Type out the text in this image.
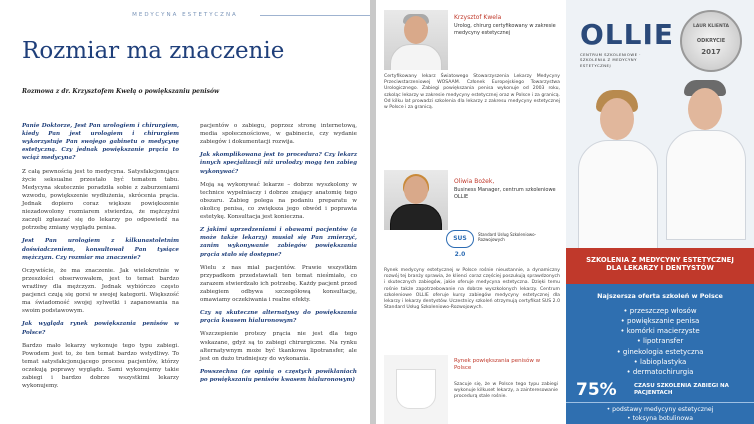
MEDYCYNA ESTETYCZNA
Rozmiar ma znaczenie
Rozmowa z dr. Krzysztofem Kwełą o powiększaniu penisów

Panie Doktorze, Jest Pan urologiem i chirurgiem, kiedy Pan jest urologiem i chirurgiem wykorzystuje Pan swojego gabinetu o medycynę estetyczną. Czy jednak powiększanie prącia to wciąż medycyna?

Z całą pewnością jest to medycyna. Satysfakcjonujące życie seksualne przestało być tematem tabu. Medycyna skutecznie poradziła sobie z zaburzeniami wzwodu, powiększenie wydłużenia, skrócenia prącia. Jednak dopiero coraz większe powiększenie niezadowolony rozmiarem stwierdza, że mężczyźni zaczęli zgłaszać się do lekarzy po odpowiedź na potrzebę zmiany wyglądu penisa.

Jest Pan urologiem z kilkunastoletnim doświadczeniem, konsultował Pan tysiące mężczyzn. Czy rozmiar ma znaczenie?

Oczywiście, że ma znaczenie. Jak wielokrotnie w przeszłości obserwowałem, jest to temat bardzo wrażliwy dla mężczyzn. Jednak wybiórczo często pacjenci czują się gorsi w swojej kategorii. Większość ma świadomość swojej sylwetki i zapanowania na swoim podstawowym.

Jak wygląda rynek powiększania penisów w Polsce?

Bardzo mało lekarzy wykonuje tego typu zabiegi. Powodem jest to, że ten temat bardzo wstydliwy. To temat satysfakcjonującego procesu pacjentów, którzy oczekują poprawy wyglądu. Sami wykonujemy takie zabiegi i bardzo dobrze wszystkimi lekarzy wykonujemy.

pacjentów o zabiegu, poprzez stronę internetową, media społecznościowe, w gabinecie, czy wydanie zabiegów i dokumentacji rozwija.

Jak skomplikowana jest to procedura? Czy lekarz innych specjalizacji niż urolodzy mogą ten zabieg wykonywać?

Moją są wykonywać lekarze – dobrze wyszkolony w technice wypełniaczy i dobrze znający anatomię tego obszaru. Zabieg polega na podaniu preparatu w okolicę penisa, co zwiększa jego obwód i poprawia estetykę. Konsultacja jest konieczna.

Z jakimi uprzedzeniami i obawami pacjentów (a może także lekarzy) musiał się Pan zmierzyć, zanim wykonywanie zabiegów powiększania prącia stało się dostępne?

Wielu z nas miał pacjentów. Prawie wszystkim przypadkom przedstawiali ten temat nieśmiało, co zarazem stwierdzało ich potrzebę. Każdy pacjent przed zabiegiem odbywa szczegółową konsultację, omawiamy oczekiwania i realne efekty.

Czy są skuteczne alternatywy do powiększania prącia kwasem hialuronowym?

Wszczepienie protezy prącia nie jest dla tego wskazane, gdyż są to zabiegi chirurgiczne. Na rynku alternatywnym może być tkankowa lipotransfer, ale jest on dużo trudniejszy do wykonania.

Powszechna (ze opinią o częstych powikłaniach po powiększaniu penisów kwasem hialuronowym)

Krzysztof Kwela
Urolog, chirurg certyfikowany w zakresie medycyny estetycznej
Certyfikowany lekarz Światowego Stowarzyszenia Lekarzy Medycyny Przeciwstarzeniowej WOSAAM. Członek Europejskiego Towarzystwa Urologicznego. Zabiegi powiększania penisa wykonuje od 2003 roku, szkoląc lekarzy w zakresie medycyny estetycznej oraz w Polsce i za granicą. Od kilku lat prowadzi szkolenia dla lekarzy z zakresu medycyny estetycznej w Polsce i za granicą.
Oliwia Bożek,
Business Manager, centrum szkoleniowe OLLIE
SUS 2.0
Standard Usług Szkoleniowo-Rozwojowych
Rynek medycyny estetycznej w Polsce rośnie nieustannie, a dynamiczny rozwój tej branży sprawia, że klienci coraz częściej poszukują sprawdzonych i skutecznych zabiegów, jakie oferuje medycyna estetyczna. Dzięki temu rośnie także zapotrzebowanie na dobrze wyszkolonych lekarzy. Centrum szkoleniowe OLLIE oferuje kursy zabiegów medycyny estetycznej dla lekarzy i lekarzy dentystów. Uczestnicy szkoleń otrzymują certyfikat SUS 2.0 Standard Usług Szkoleniowo-Rozwojowych.
Rynek powiększania penisów w Polsce
Szacuje się, że w Polsce tego typu zabiegi wykonuje kilkuset lekarzy, a zainteresowanie procedurą stale rośnie.
OLLIE
CENTRUM SZKOLENIOWE · SZKOLENIA Z MEDYCYNY ESTETYCZNEJ
LAUR KLIENTA
ODKRYCIE
2017
SZKOLENIA Z MEDYCYNY ESTETYCZNEJ
DLA LEKARZY I DENTYSTÓW
Najszersza oferta szkoleń w Polsce
• przeszczep włosów
• powiększanie penisa
• komórki macierzyste
• lipotransfer
• ginekologia estetyczna
• labioplastyka
• dermatochirurgia
75%	CZASU SZKOLENIA ZABIEGI NA PACJENTACH
• podstawy medycyny estetycznej
• toksyna botulinowa
